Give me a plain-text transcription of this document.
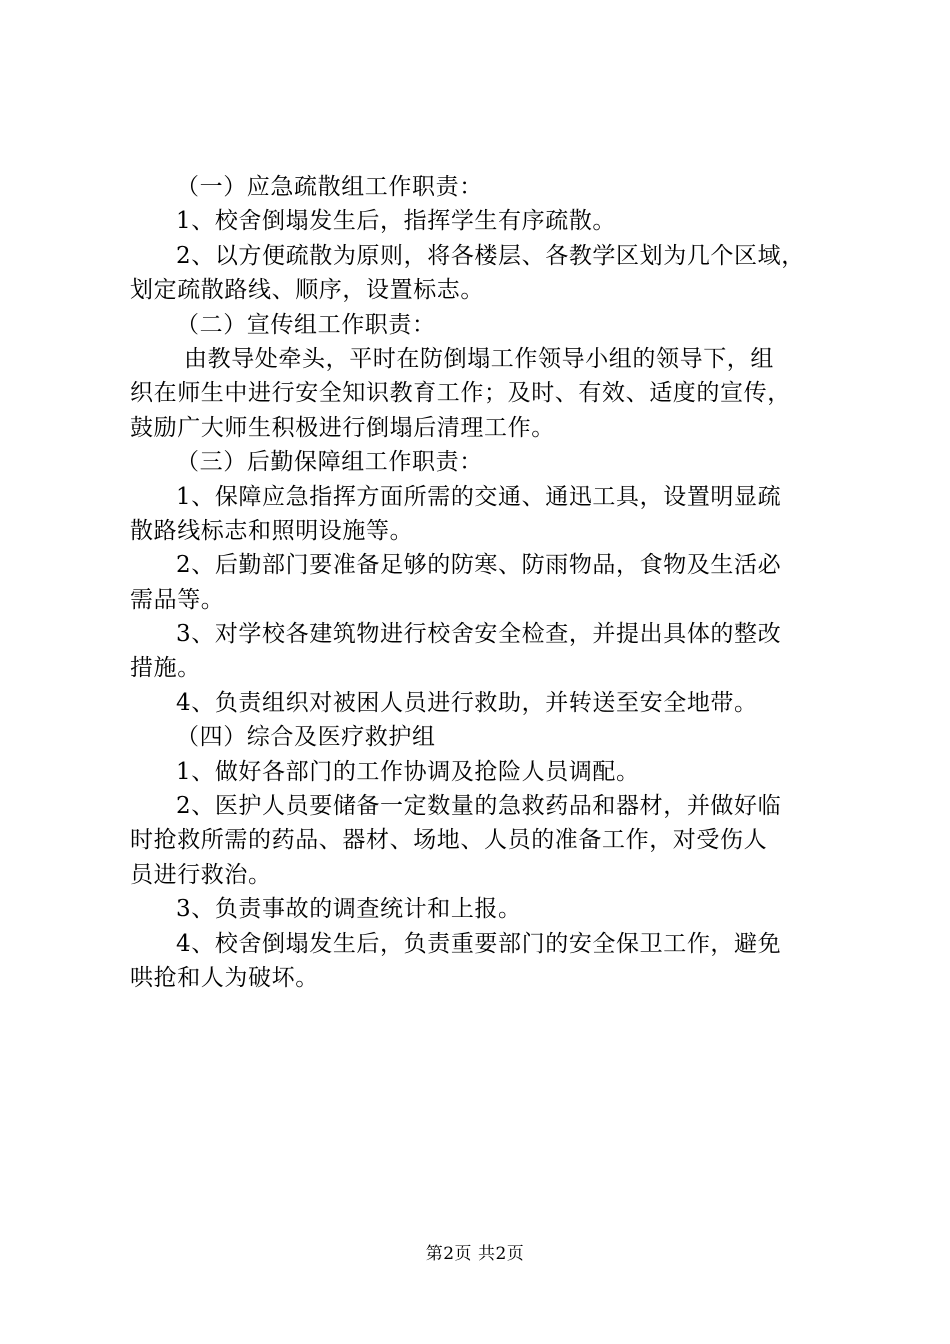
（一）应急疏散组工作职责：
1、校舍倒塌发生后，指挥学生有序疏散。
2、以方便疏散为原则，将各楼层、各教学区划为几个区域，
划定疏散路线、顺序，设置标志。
（二）宣传组工作职责：
由教导处牵头，平时在防倒塌工作领导小组的领导下，组
织在师生中进行安全知识教育工作；及时、有效、适度的宣传，
鼓励广大师生积极进行倒塌后清理工作。
（三）后勤保障组工作职责：
1、保障应急指挥方面所需的交通、通迅工具，设置明显疏
散路线标志和照明设施等。
2、后勤部门要准备足够的防寒、防雨物品，食物及生活必
需品等。
3、对学校各建筑物进行校舍安全检查，并提出具体的整改
措施。
4、负责组织对被困人员进行救助，并转送至安全地带。
（四）综合及医疗救护组
1、做好各部门的工作协调及抢险人员调配。
2、医护人员要储备一定数量的急救药品和器材，并做好临
时抢救所需的药品、器材、场地、人员的准备工作，对受伤人
员进行救治。
3、负责事故的调查统计和上报。
4、校舍倒塌发生后，负责重要部门的安全保卫工作，避免
哄抢和人为破坏。
第2页 共2页
